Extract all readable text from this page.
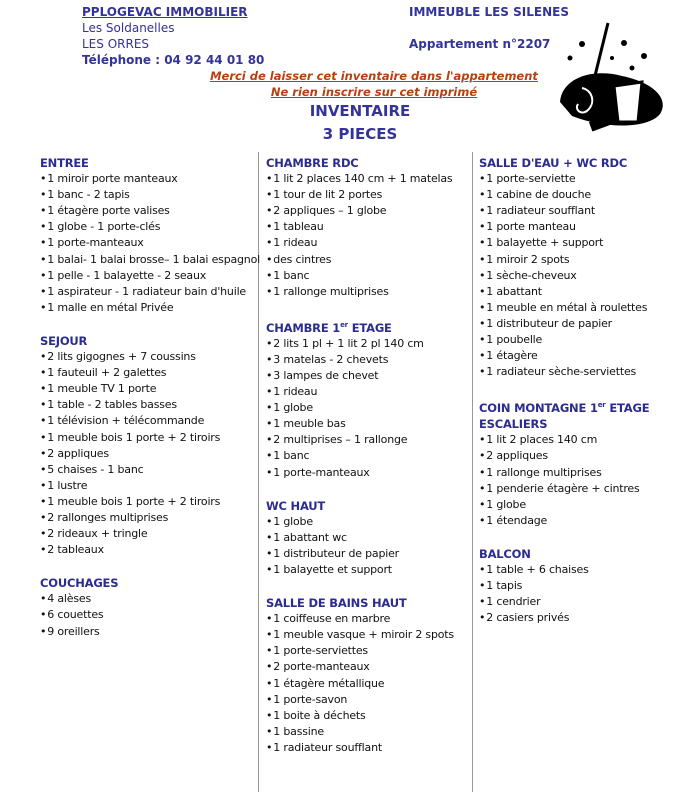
PPLOGEVAC IMMOBILIER
Les Soldanelles
LES ORRES
Téléphone : 04 92 44 01 80
IMMEUBLE LES SILENES
Appartement n°2207
Merci de laisser cet inventaire dans l'appartement
Ne rien inscrire sur cet imprimé
INVENTAIRE
3 PIECES
ENTREE
• 1 miroir porte manteaux
• 1 banc - 2 tapis
• 1 étagère porte valises
• 1 globe - 1 porte-clés
• 1 porte-manteaux
• 1 balai- 1 balai brosse– 1 balai espagnol
• 1 pelle - 1 balayette - 2 seaux
• 1 aspirateur - 1 radiateur bain d'huile
• 1 malle en métal Privée
SEJOUR
• 2 lits gigognes + 7 coussins
• 1 fauteuil + 2 galettes
• 1 meuble TV 1 porte
• 1 table - 2 tables basses
• 1 télévision + télécommande
• 1 meuble bois 1 porte + 2 tiroirs
• 2 appliques
• 5 chaises - 1 banc
• 1 lustre
• 1 meuble bois 1 porte + 2 tiroirs
• 2 rallonges multiprises
• 2 rideaux + tringle
• 2 tableaux
COUCHAGES
• 4 alèses
• 6 couettes
• 9 oreillers
CHAMBRE RDC
• 1 lit 2 places 140 cm + 1 matelas
• 1 tour de lit 2 portes
• 2 appliques – 1 globe
• 1 tableau
• 1 rideau
• des cintres
• 1 banc
• 1 rallonge multiprises
CHAMBRE 1er ETAGE
• 2 lits 1 pl + 1 lit 2 pl 140 cm
• 3 matelas - 2 chevets
• 3 lampes de chevet
• 1 rideau
• 1 globe
• 1 meuble bas
• 2 multiprises – 1 rallonge
• 1 banc
• 1 porte-manteaux
WC HAUT
• 1 globe
• 1 abattant wc
• 1 distributeur de papier
• 1 balayette et support
SALLE DE BAINS HAUT
• 1 coiffeuse en marbre
• 1 meuble vasque + miroir 2 spots
• 1 porte-serviettes
• 2 porte-manteaux
• 1 étagère métallique
• 1 porte-savon
• 1 boite à déchets
• 1 bassine
• 1 radiateur soufflant
SALLE D'EAU + WC RDC
• 1 porte-serviette
• 1 cabine de douche
• 1 radiateur soufflant
• 1 porte manteau
• 1 balayette + support
• 1 miroir 2 spots
• 1 sèche-cheveux
• 1 abattant
• 1 meuble en métal à roulettes
• 1 distributeur de papier
• 1 poubelle
• 1 étagère
• 1 radiateur sèche-serviettes
COIN MONTAGNE 1er ETAGE
ESCALIERS
• 1 lit 2 places 140 cm
• 2 appliques
• 1 rallonge multiprises
• 1 penderie étagère + cintres
• 1 globe
• 1 étendage
BALCON
• 1 table + 6 chaises
• 1 tapis
• 1 cendrier
• 2 casiers privés
